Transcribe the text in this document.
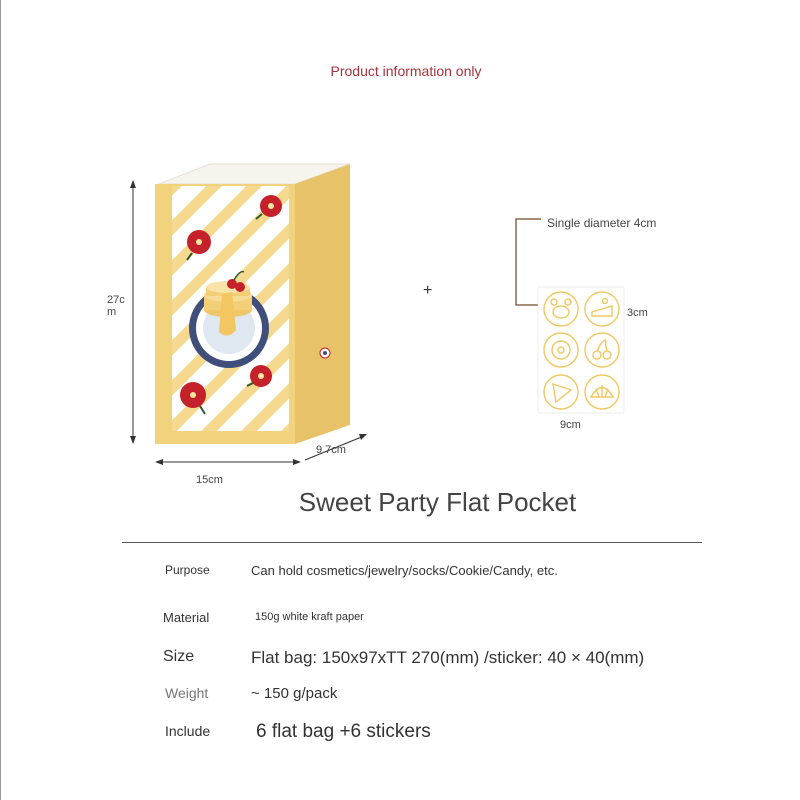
Product information only
27c
m
15cm
9.7cm
+
Single diameter 4cm
3cm
9cm
Sweet Party Flat Pocket
Purpose	Can hold cosmetics/jewelry/socks/Cookie/Candy, etc.
Material	150g white kraft paper
Size	Flat bag: 150x97xTT 270(mm) /sticker: 40 × 40(mm)
Weight	~ 150 g/pack
Include 6 flat bag +6 stickers
